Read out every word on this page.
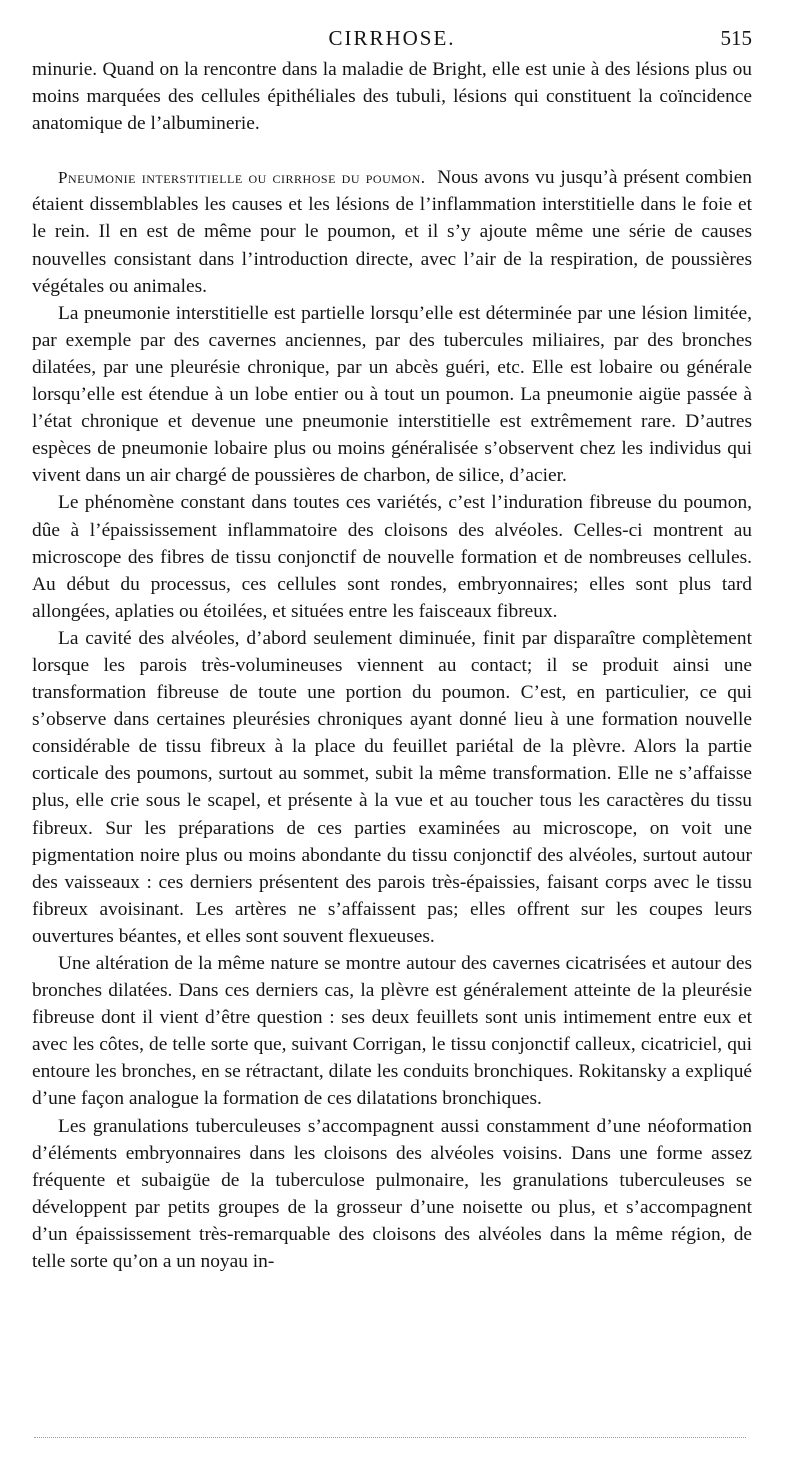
CIRRHOSE.	515

minurie. Quand on la rencontre dans la maladie de Bright, elle est unie à des lésions plus ou moins marquées des cellules épithéliales des tubuli, lésions qui constituent la coïncidence anatomique de l’albuminerie.

Pneumonie interstitielle ou cirrhose du poumon. Nous avons vu jusqu’à présent combien étaient dissemblables les causes et les lésions de l’inflammation interstitielle dans le foie et le rein. Il en est de même pour le poumon, et il s’y ajoute même une série de causes nouvelles consistant dans l’introduction directe, avec l’air de la respiration, de poussières végétales ou animales.

La pneumonie interstitielle est partielle lorsqu’elle est déterminée par une lésion limitée, par exemple par des cavernes anciennes, par des tubercules miliaires, par des bronches dilatées, par une pleurésie chronique, par un abcès guéri, etc. Elle est lobaire ou générale lorsqu’elle est étendue à un lobe entier ou à tout un poumon. La pneumonie aigüe passée à l’état chronique et devenue une pneumonie interstitielle est extrêmement rare. D’autres espèces de pneumonie lobaire plus ou moins généralisée s’observent chez les individus qui vivent dans un air chargé de poussières de charbon, de silice, d’acier.

Le phénomène constant dans toutes ces variétés, c’est l’induration fibreuse du poumon, dûe à l’épaississement inflammatoire des cloisons des alvéoles. Celles-ci montrent au microscope des fibres de tissu conjonctif de nouvelle formation et de nombreuses cellules. Au début du processus, ces cellules sont rondes, embryonnaires; elles sont plus tard allongées, aplaties ou étoilées, et situées entre les faisceaux fibreux.

La cavité des alvéoles, d’abord seulement diminuée, finit par disparaître complètement lorsque les parois très-volumineuses viennent au contact; il se produit ainsi une transformation fibreuse de toute une portion du poumon. C’est, en particulier, ce qui s’observe dans certaines pleurésies chroniques ayant donné lieu à une formation nouvelle considérable de tissu fibreux à la place du feuillet pariétal de la plèvre. Alors la partie corticale des poumons, surtout au sommet, subit la même transformation. Elle ne s’affaisse plus, elle crie sous le scapel, et présente à la vue et au toucher tous les caractères du tissu fibreux. Sur les préparations de ces parties examinées au microscope, on voit une pigmentation noire plus ou moins abondante du tissu conjonctif des alvéoles, surtout autour des vaisseaux : ces derniers présentent des parois très-épaissies, faisant corps avec le tissu fibreux avoisinant. Les artères ne s’affaissent pas; elles offrent sur les coupes leurs ouvertures béantes, et elles sont souvent flexueuses.

Une altération de la même nature se montre autour des cavernes cicatrisées et autour des bronches dilatées. Dans ces derniers cas, la plèvre est généralement atteinte de la pleurésie fibreuse dont il vient d’être question : ses deux feuillets sont unis intimement entre eux et avec les côtes, de telle sorte que, suivant Corrigan, le tissu conjonctif calleux, cicatriciel, qui entoure les bronches, en se rétractant, dilate les conduits bronchiques. Rokitansky a expliqué d’une façon analogue la formation de ces dilatations bronchiques.

Les granulations tuberculeuses s’accompagnent aussi constamment d’une néoformation d’éléments embryonnaires dans les cloisons des alvéoles voisins. Dans une forme assez fréquente et subaigüe de la tuberculose pulmonaire, les granulations tuberculeuses se développent par petits groupes de la grosseur d’une noisette ou plus, et s’accompagnent d’un épaississement très-remarquable des cloisons des alvéoles dans la même région, de telle sorte qu’on a un noyau in-
